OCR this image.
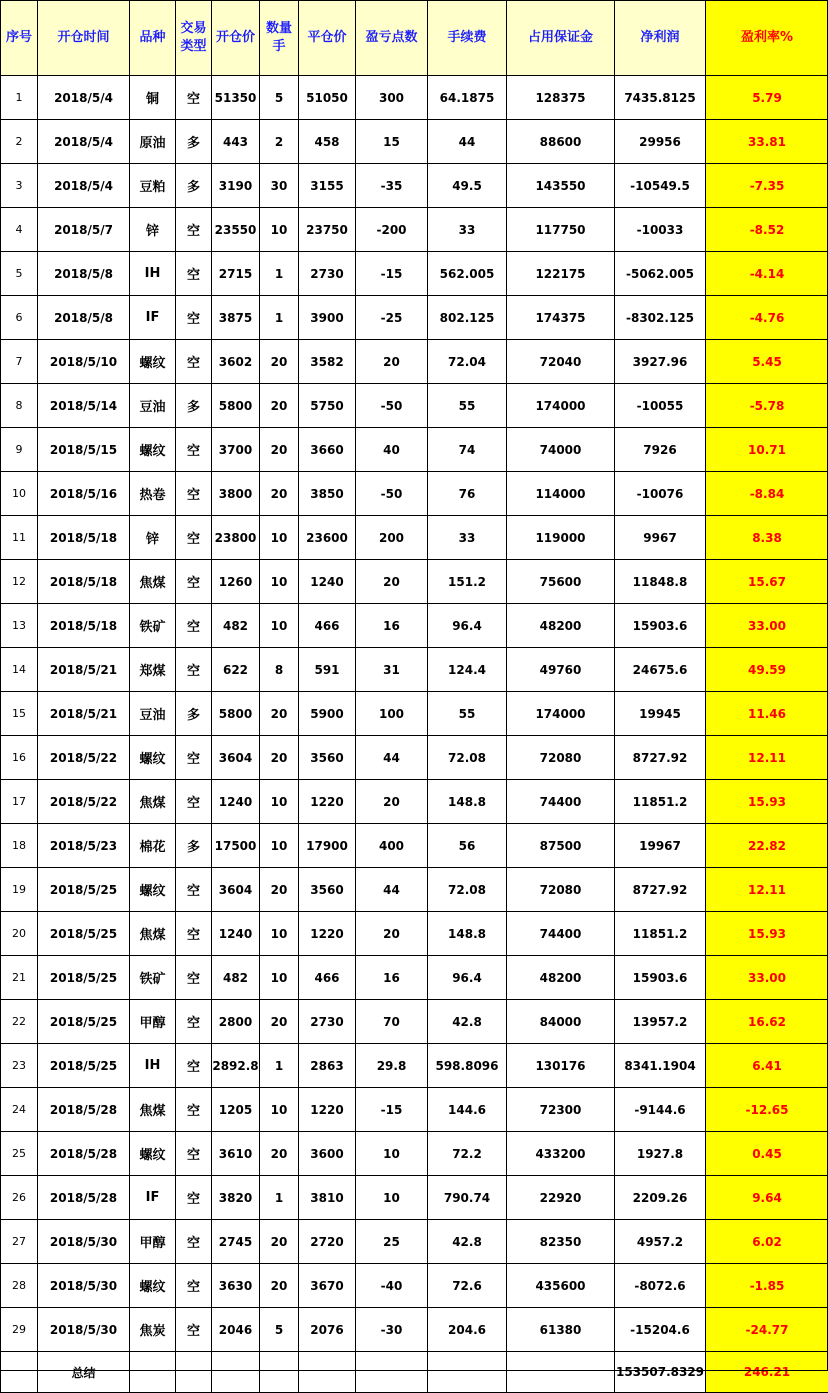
序号	开仓时间	品种	交易类型	开仓价	数量手	平仓价	盈亏点数	手续费	占用保证金	净利润	盈利率%
1	2018/5/4	铜	空	51350	5	51050	300	64.1875	128375	7435.8125	5.79
2	2018/5/4	原油	多	443	2	458	15	44	88600	29956	33.81
3	2018/5/4	豆粕	多	3190	30	3155	-35	49.5	143550	-10549.5	-7.35
4	2018/5/7	锌	空	23550	10	23750	-200	33	117750	-10033	-8.52
5	2018/5/8	IH	空	2715	1	2730	-15	562.005	122175	-5062.005	-4.14
6	2018/5/8	IF	空	3875	1	3900	-25	802.125	174375	-8302.125	-4.76
7	2018/5/10	螺纹	空	3602	20	3582	20	72.04	72040	3927.96	5.45
8	2018/5/14	豆油	多	5800	20	5750	-50	55	174000	-10055	-5.78
9	2018/5/15	螺纹	空	3700	20	3660	40	74	74000	7926	10.71
10	2018/5/16	热卷	空	3800	20	3850	-50	76	114000	-10076	-8.84
11	2018/5/18	锌	空	23800	10	23600	200	33	119000	9967	8.38
12	2018/5/18	焦煤	空	1260	10	1240	20	151.2	75600	11848.8	15.67
13	2018/5/18	铁矿	空	482	10	466	16	96.4	48200	15903.6	33.00
14	2018/5/21	郑煤	空	622	8	591	31	124.4	49760	24675.6	49.59
15	2018/5/21	豆油	多	5800	20	5900	100	55	174000	19945	11.46
16	2018/5/22	螺纹	空	3604	20	3560	44	72.08	72080	8727.92	12.11
17	2018/5/22	焦煤	空	1240	10	1220	20	148.8	74400	11851.2	15.93
18	2018/5/23	棉花	多	17500	10	17900	400	56	87500	19967	22.82
19	2018/5/25	螺纹	空	3604	20	3560	44	72.08	72080	8727.92	12.11
20	2018/5/25	焦煤	空	1240	10	1220	20	148.8	74400	11851.2	15.93
21	2018/5/25	铁矿	空	482	10	466	16	96.4	48200	15903.6	33.00
22	2018/5/25	甲醇	空	2800	20	2730	70	42.8	84000	13957.2	16.62
23	2018/5/25	IH	空	2892.8	1	2863	29.8	598.8096	130176	8341.1904	6.41
24	2018/5/28	焦煤	空	1205	10	1220	-15	144.6	72300	-9144.6	-12.65
25	2018/5/28	螺纹	空	3610	20	3600	10	72.2	433200	1927.8	0.45
26	2018/5/28	IF	空	3820	1	3810	10	790.74	22920	2209.26	9.64
27	2018/5/30	甲醇	空	2745	20	2720	25	42.8	82350	4957.2	6.02
28	2018/5/30	螺纹	空	3630	20	3670	-40	72.6	435600	-8072.6	-1.85
29	2018/5/30	焦炭	空	2046	5	2076	-30	204.6	61380	-15204.6	-24.77
	总结									153507.8329	246.21
